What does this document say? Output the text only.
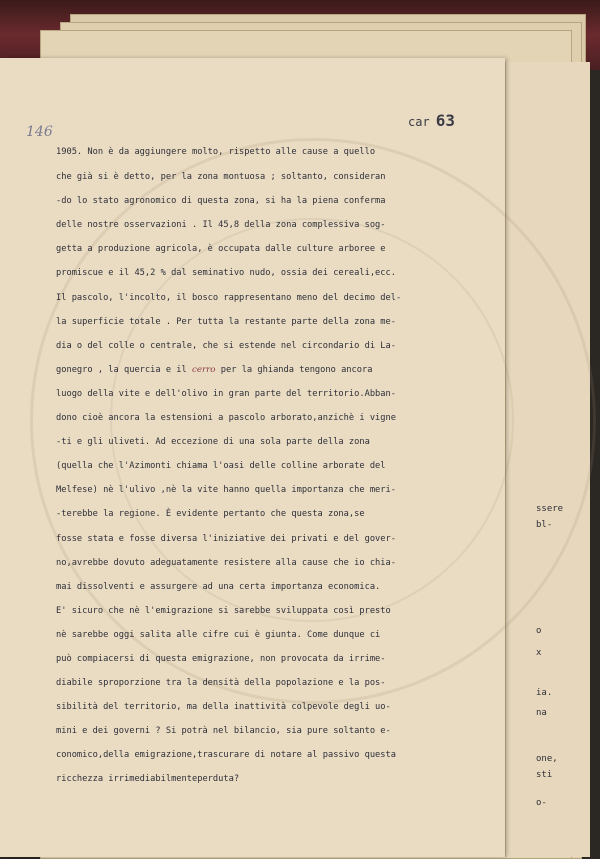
ssere
bl-
o
x
ia.
na
one,
sti
o-
146
car 63
1905. Non è da aggiungere molto, rispetto alle cause a quello
che già si è detto, per la zona montuosa ; soltanto, consideran
-do lo stato agronomico di questa zona, si ha la piena conferma
delle nostre osservazioni . Il 45,8 della zona complessiva sog-
getta a produzione agricola, è occupata dalle culture arboree e
promiscue e il 45,2 % dal seminativo nudo, ossia dei cereali,ecc.
Il pascolo, l'incolto, il bosco rappresentano meno del decimo del-
la superficie totale . Per tutta la restante parte della zona me-
dia o del colle o centrale, che si estende nel circondario di La-
gonegro , la quercia e il cerro per la ghianda tengono ancora
luogo della vite e dell'olivo in gran parte del territorio.Abban-
dono cioè ancora la estensioni a pascolo arborato,anzichè i vigne
-ti e gli uliveti. Ad eccezione di una sola parte della zona
(quella che l'Azimonti chiama l'oasi delle colline arborate del
Melfese) nè l'ulivo ,nè la vite hanno quella importanza che meri-
-terebbe la regione. È evidente pertanto che questa zona,se
fosse stata e fosse diversa l'iniziative dei privati e del gover-
no,avrebbe dovuto adeguatamente resistere alla cause che io chia-
mai dissolventi e assurgere ad una certa importanza economica.
E' sicuro che nè l'emigrazione si sarebbe sviluppata così presto
nè sarebbe oggi salita alle cifre cui è giunta. Come dunque ci
può compiacersi di questa emigrazione, non provocata da irrime-
diabile sproporzione tra la densità della popolazione e la pos-
sibilità del territorio, ma della inattività colpevole degli uo-
mini e dei governi ? Si potrà nel bilancio, sia pure soltanto e-
conomico,della emigrazione,trascurare di notare al passivo questa
ricchezza irrimediabilmenteperduta?
